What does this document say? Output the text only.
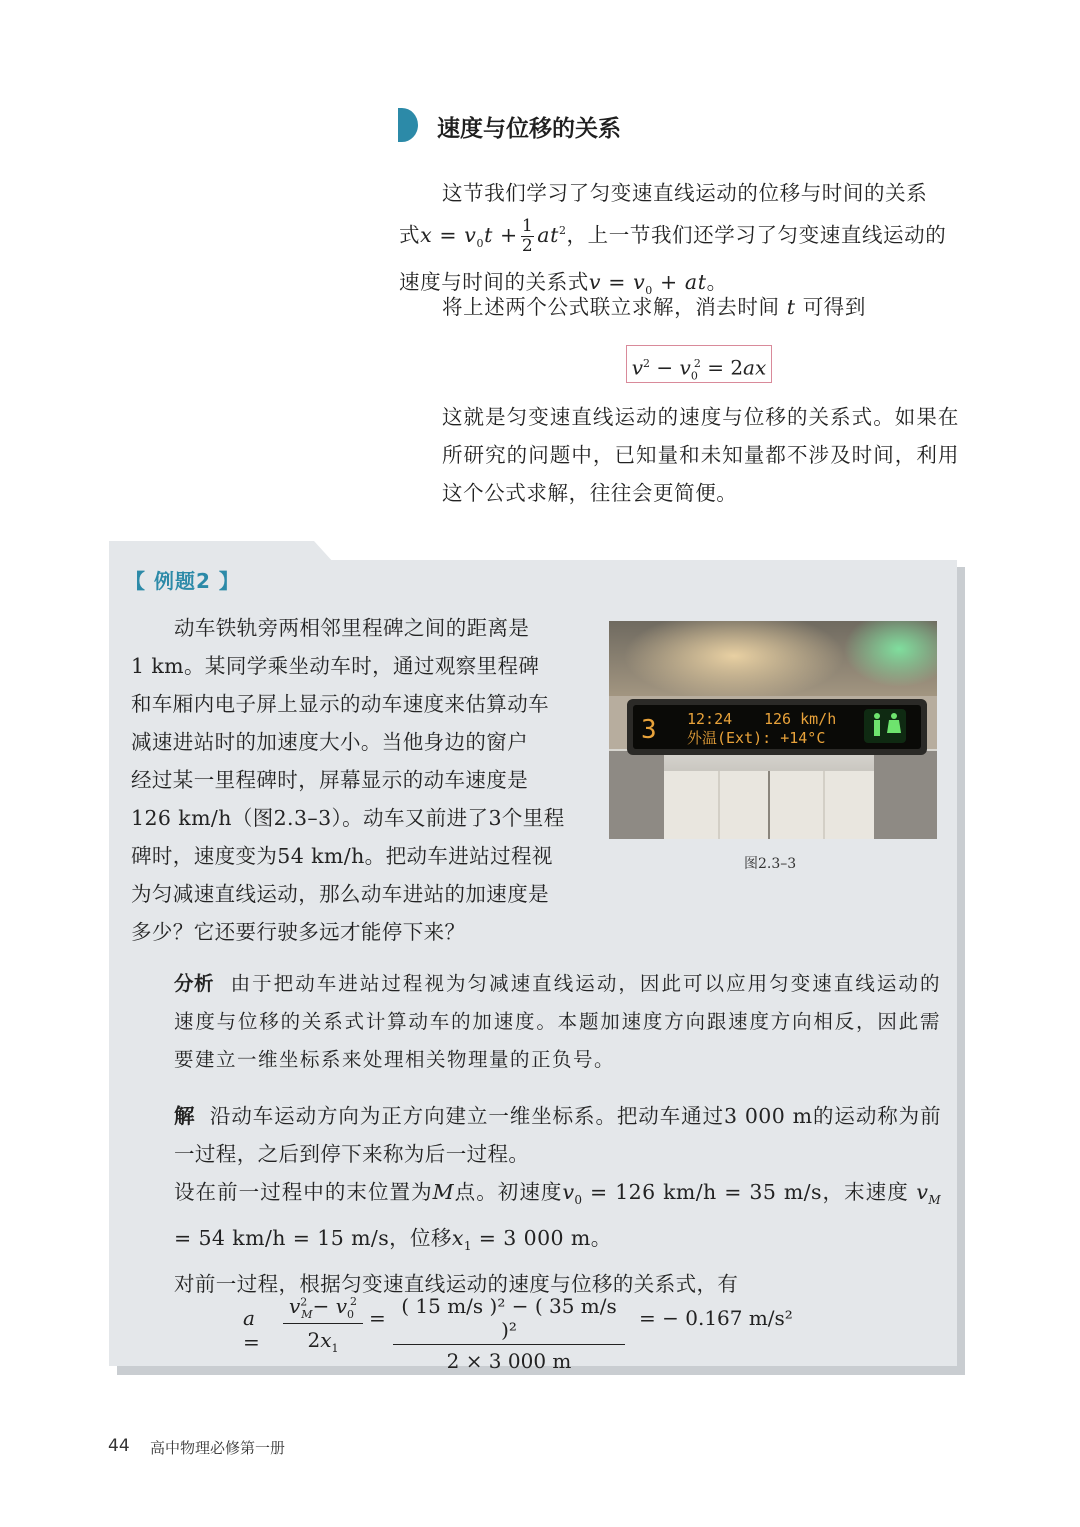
速度与位移的关系
这节我们学习了匀变速直线运动的位移与时间的关系
式$x = v_0t + \frac{1}{2} at^2$，上一节我们还学习了匀变速直线运动的
速度与时间的关系式$v = v_0$ + at。
将上述两个公式联立求解，消去时间 t 可得到
$v^2 - v_0^2 = 2ax$
这就是匀变速直线运动的速度与位移的关系式。如果在所研究的问题中，已知量和未知量都不涉及时间，利用这个公式求解，往往会更简便。
【 例题2 】
动车铁轨旁两相邻里程碑之间的距离是
1 km。某同学乘坐动车时，通过观察里程碑
和车厢内电子屏上显示的动车速度来估算动车
减速进站时的加速度大小。当他身边的窗户
经过某一里程碑时，屏幕显示的动车速度是
126 km/h（图2.3–3）。动车又前进了3个里程
碑时，速度变为54 km/h。把动车进站过程视
为匀减速直线运动，那么动车进站的加速度是
多少？它还要行驶多远才能停下来？
3 12:24 126 km/h
外温(Ext): +14°C
图2.3–3
分析 由于把动车进站过程视为匀减速直线运动，因此可以应用匀变速直线运动的速度与位移的关系式计算动车的加速度。本题加速度方向跟速度方向相反，因此需要建立一维坐标系来处理相关物理量的正负号。
解 沿动车运动方向为正方向建立一维坐标系。把动车通过3 000 m的运动称为前一过程，之后到停下来称为后一过程。
设在前一过程中的末位置为M点。初速度$v_0 = 126$ km/h = 35 m/s，末速度 $v_M = 54$ km/h = 15 m/s，位移$x_1 = 3$ 000 m。
对前一过程，根据匀变速直线运动的速度与位移的关系式，有
a =
$v^2_M- v_0^2$
$2x_1$
= ( 15 m/s )² − ( 35 m/s )²
2 × 3 000 m
= − 0.167 m/s²
44 高中物理必修第一册
